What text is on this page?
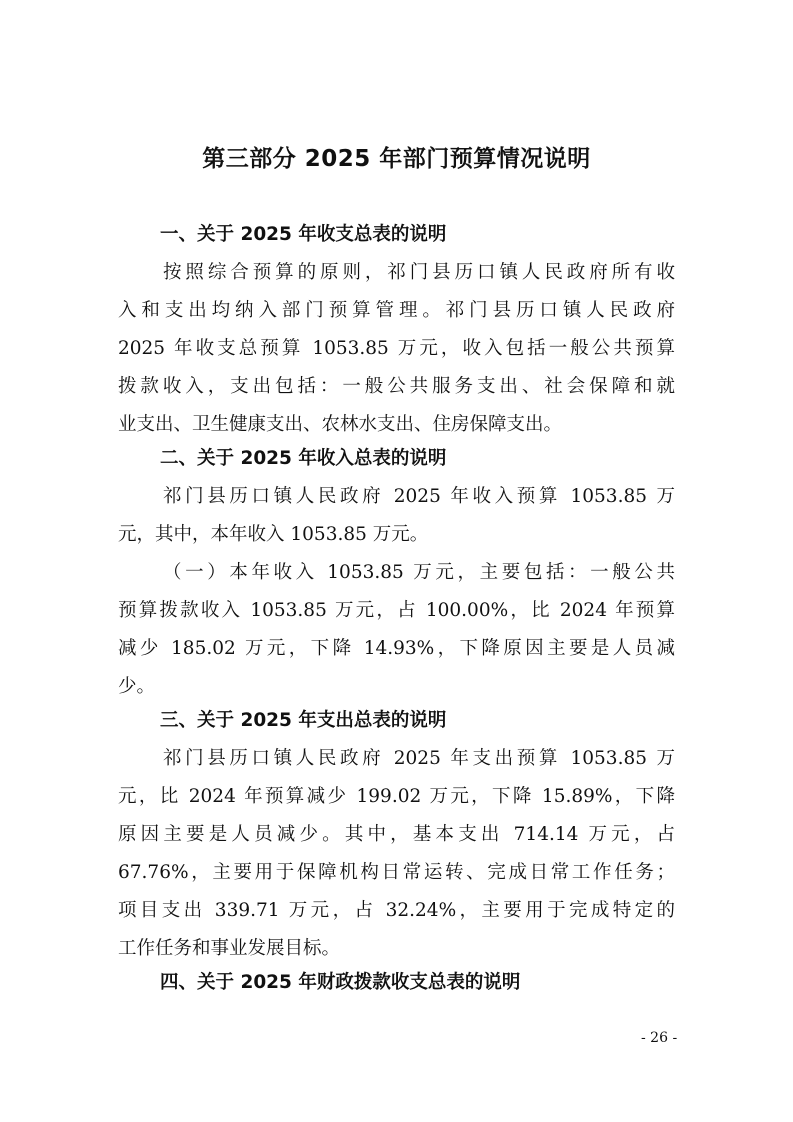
第三部分 2025 年部门预算情况说明
一、关于 2025 年收支总表的说明
按照综合预算的原则，祁门县历口镇人民政府所有收
入和支出均纳入部门预算管理。祁门县历口镇人民政府
2025 年收支总预算 1053.85 万元，收入包括一般公共预算
拨款收入，支出包括：一般公共服务支出、社会保障和就
业支出、卫生健康支出、农林水支出、住房保障支出。
二、关于 2025 年收入总表的说明
祁门县历口镇人民政府 2025 年收入预算 1053.85 万
元，其中，本年收入 1053.85 万元。
（一）本年收入 1053.85 万元，主要包括：一般公共
预算拨款收入 1053.85 万元，占 100.00%，比 2024 年预算
减少 185.02 万元，下降 14.93%，下降原因主要是人员减
少。
三、关于 2025 年支出总表的说明
祁门县历口镇人民政府 2025 年支出预算 1053.85 万
元，比 2024 年预算减少 199.02 万元，下降 15.89%，下降
原因主要是人员减少。其中，基本支出 714.14 万元，占
67.76%，主要用于保障机构日常运转、完成日常工作任务；
项目支出 339.71 万元，占 32.24%，主要用于完成特定的
工作任务和事业发展目标。
四、关于 2025 年财政拨款收支总表的说明
- 26 -
